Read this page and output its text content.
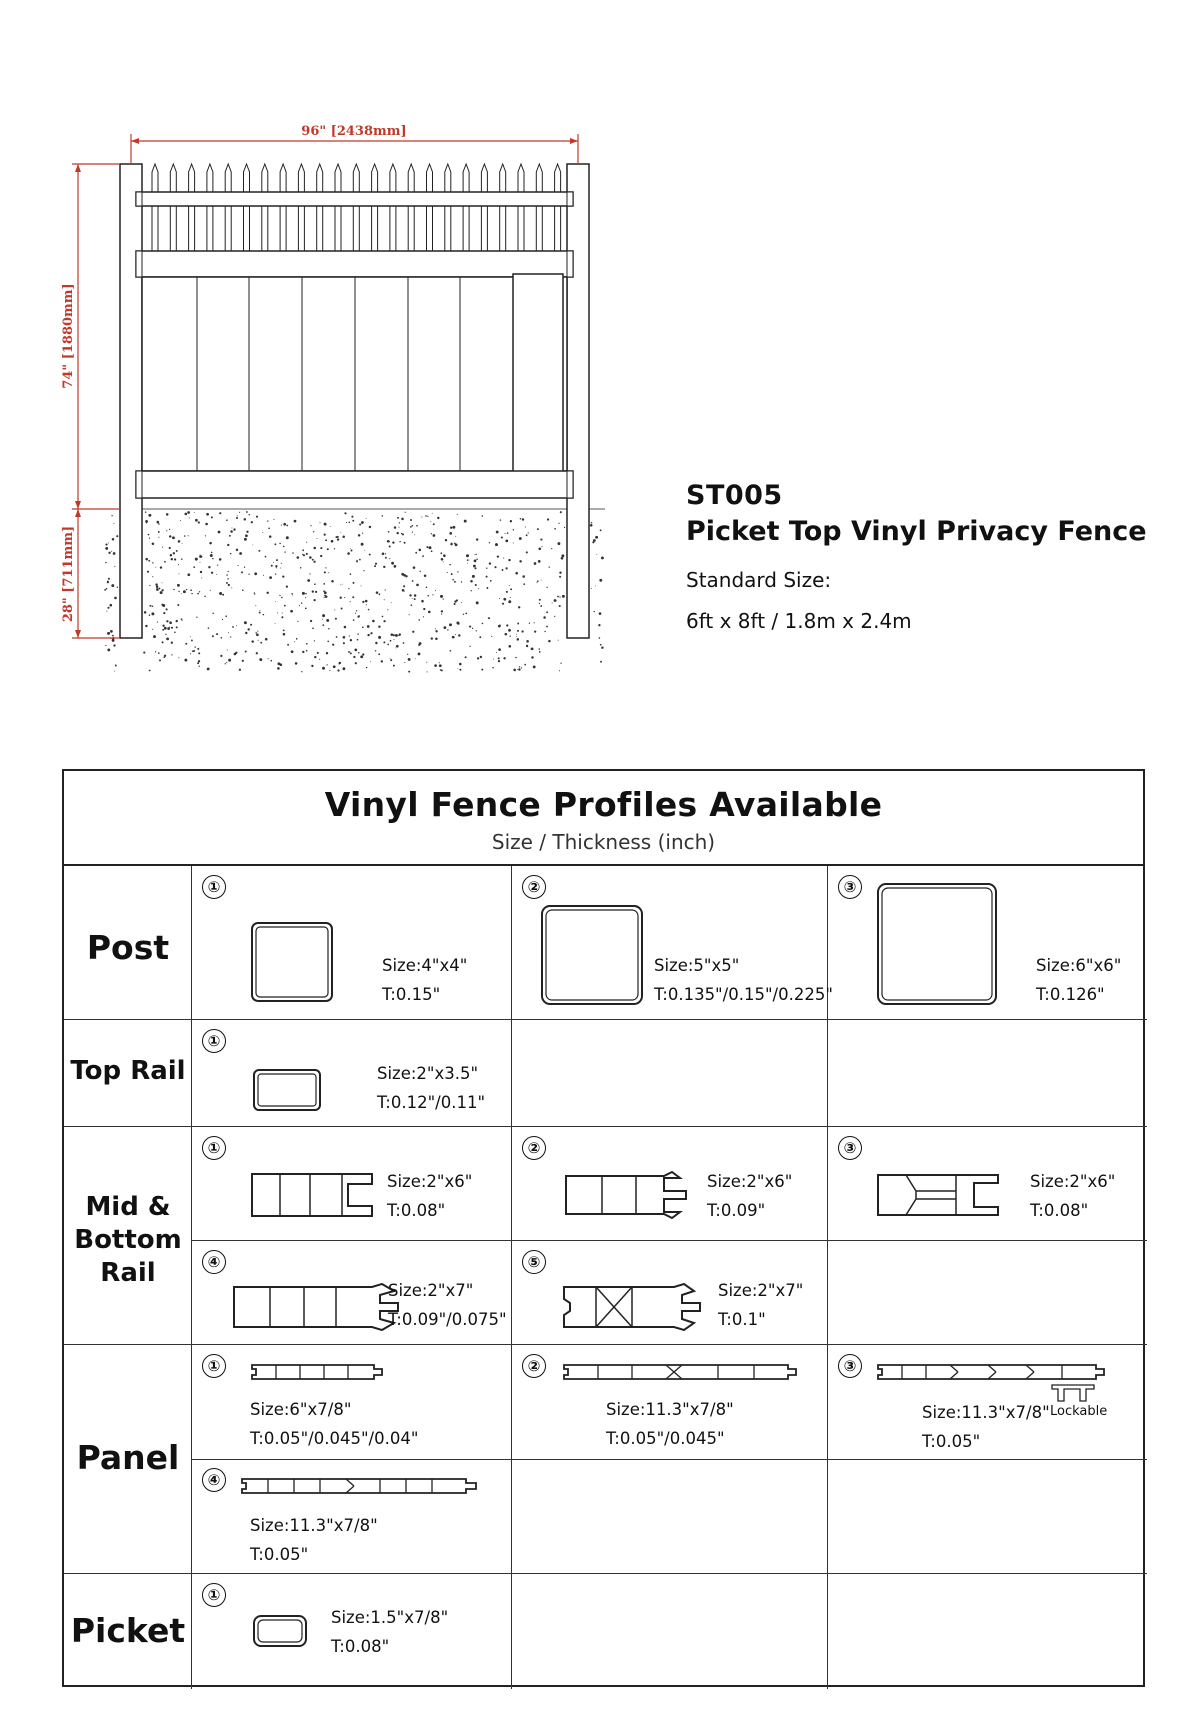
96" [2438mm]
74" [1880mm]
28" [711mm]
ST005
Picket Top Vinyl Privacy Fence
Standard Size:
6ft x 8ft / 1.8m x 2.4m
Vinyl Fence Profiles Available
Size / Thickness (inch)
Post
Top Rail
Mid &
Bottom
Rail
Panel
Picket
①
Size:4"x4"
T:0.15"
②
Size:5"x5"
T:0.135"/0.15"/0.225"
③
Size:6"x6"
T:0.126"
①
Size:2"x3.5"
T:0.12"/0.11"
①
Size:2"x6"
T:0.08"
②
Size:2"x6"
T:0.09"
③
Size:2"x6"
T:0.08"
④
Size:2"x7"
T:0.09"/0.075"
⑤
Size:2"x7"
T:0.1"
①
Size:6"x7/8"
T:0.05"/0.045"/0.04"
②
Size:11.3"x7/8"
T:0.05"/0.045"
③
Lockable
Size:11.3"x7/8"
T:0.05"
④
Size:11.3"x7/8"
T:0.05"
①
Size:1.5"x7/8"
T:0.08"
